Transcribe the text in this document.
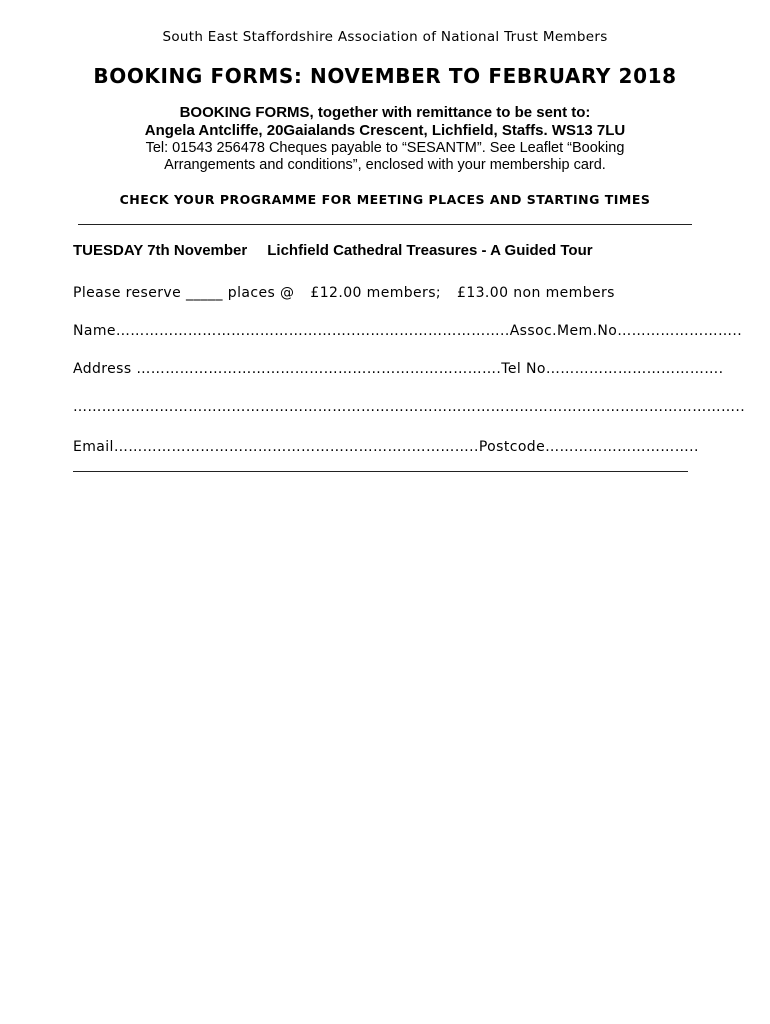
South East Staffordshire Association of National Trust Members
BOOKING FORMS: NOVEMBER TO FEBRUARY 2018
BOOKING FORMS, together with remittance to be sent to:
Angela Antcliffe, 20Gaialands Crescent, Lichfield, Staffs. WS13 7LU
Tel: 01543 256478 Cheques payable to “SESANTM”. See Leaflet “Booking
Arrangements and conditions”, enclosed with your membership card.
CHECK YOUR PROGRAMME FOR MEETING PLACES AND STARTING TIMES
TUESDAY 7th November Lichfield Cathedral Treasures - A Guided Tour
Please reserve _____ places @ £12.00 members; £13.00 non members
Name…………………………………………..…………………………..Assoc.Mem.No……………………..
Address ………………………………………………………………….Tel No……………………………….
…………………………………………………………………………………………………………………………..
Email……………………………………………………..…………..Postcode…………………………..
